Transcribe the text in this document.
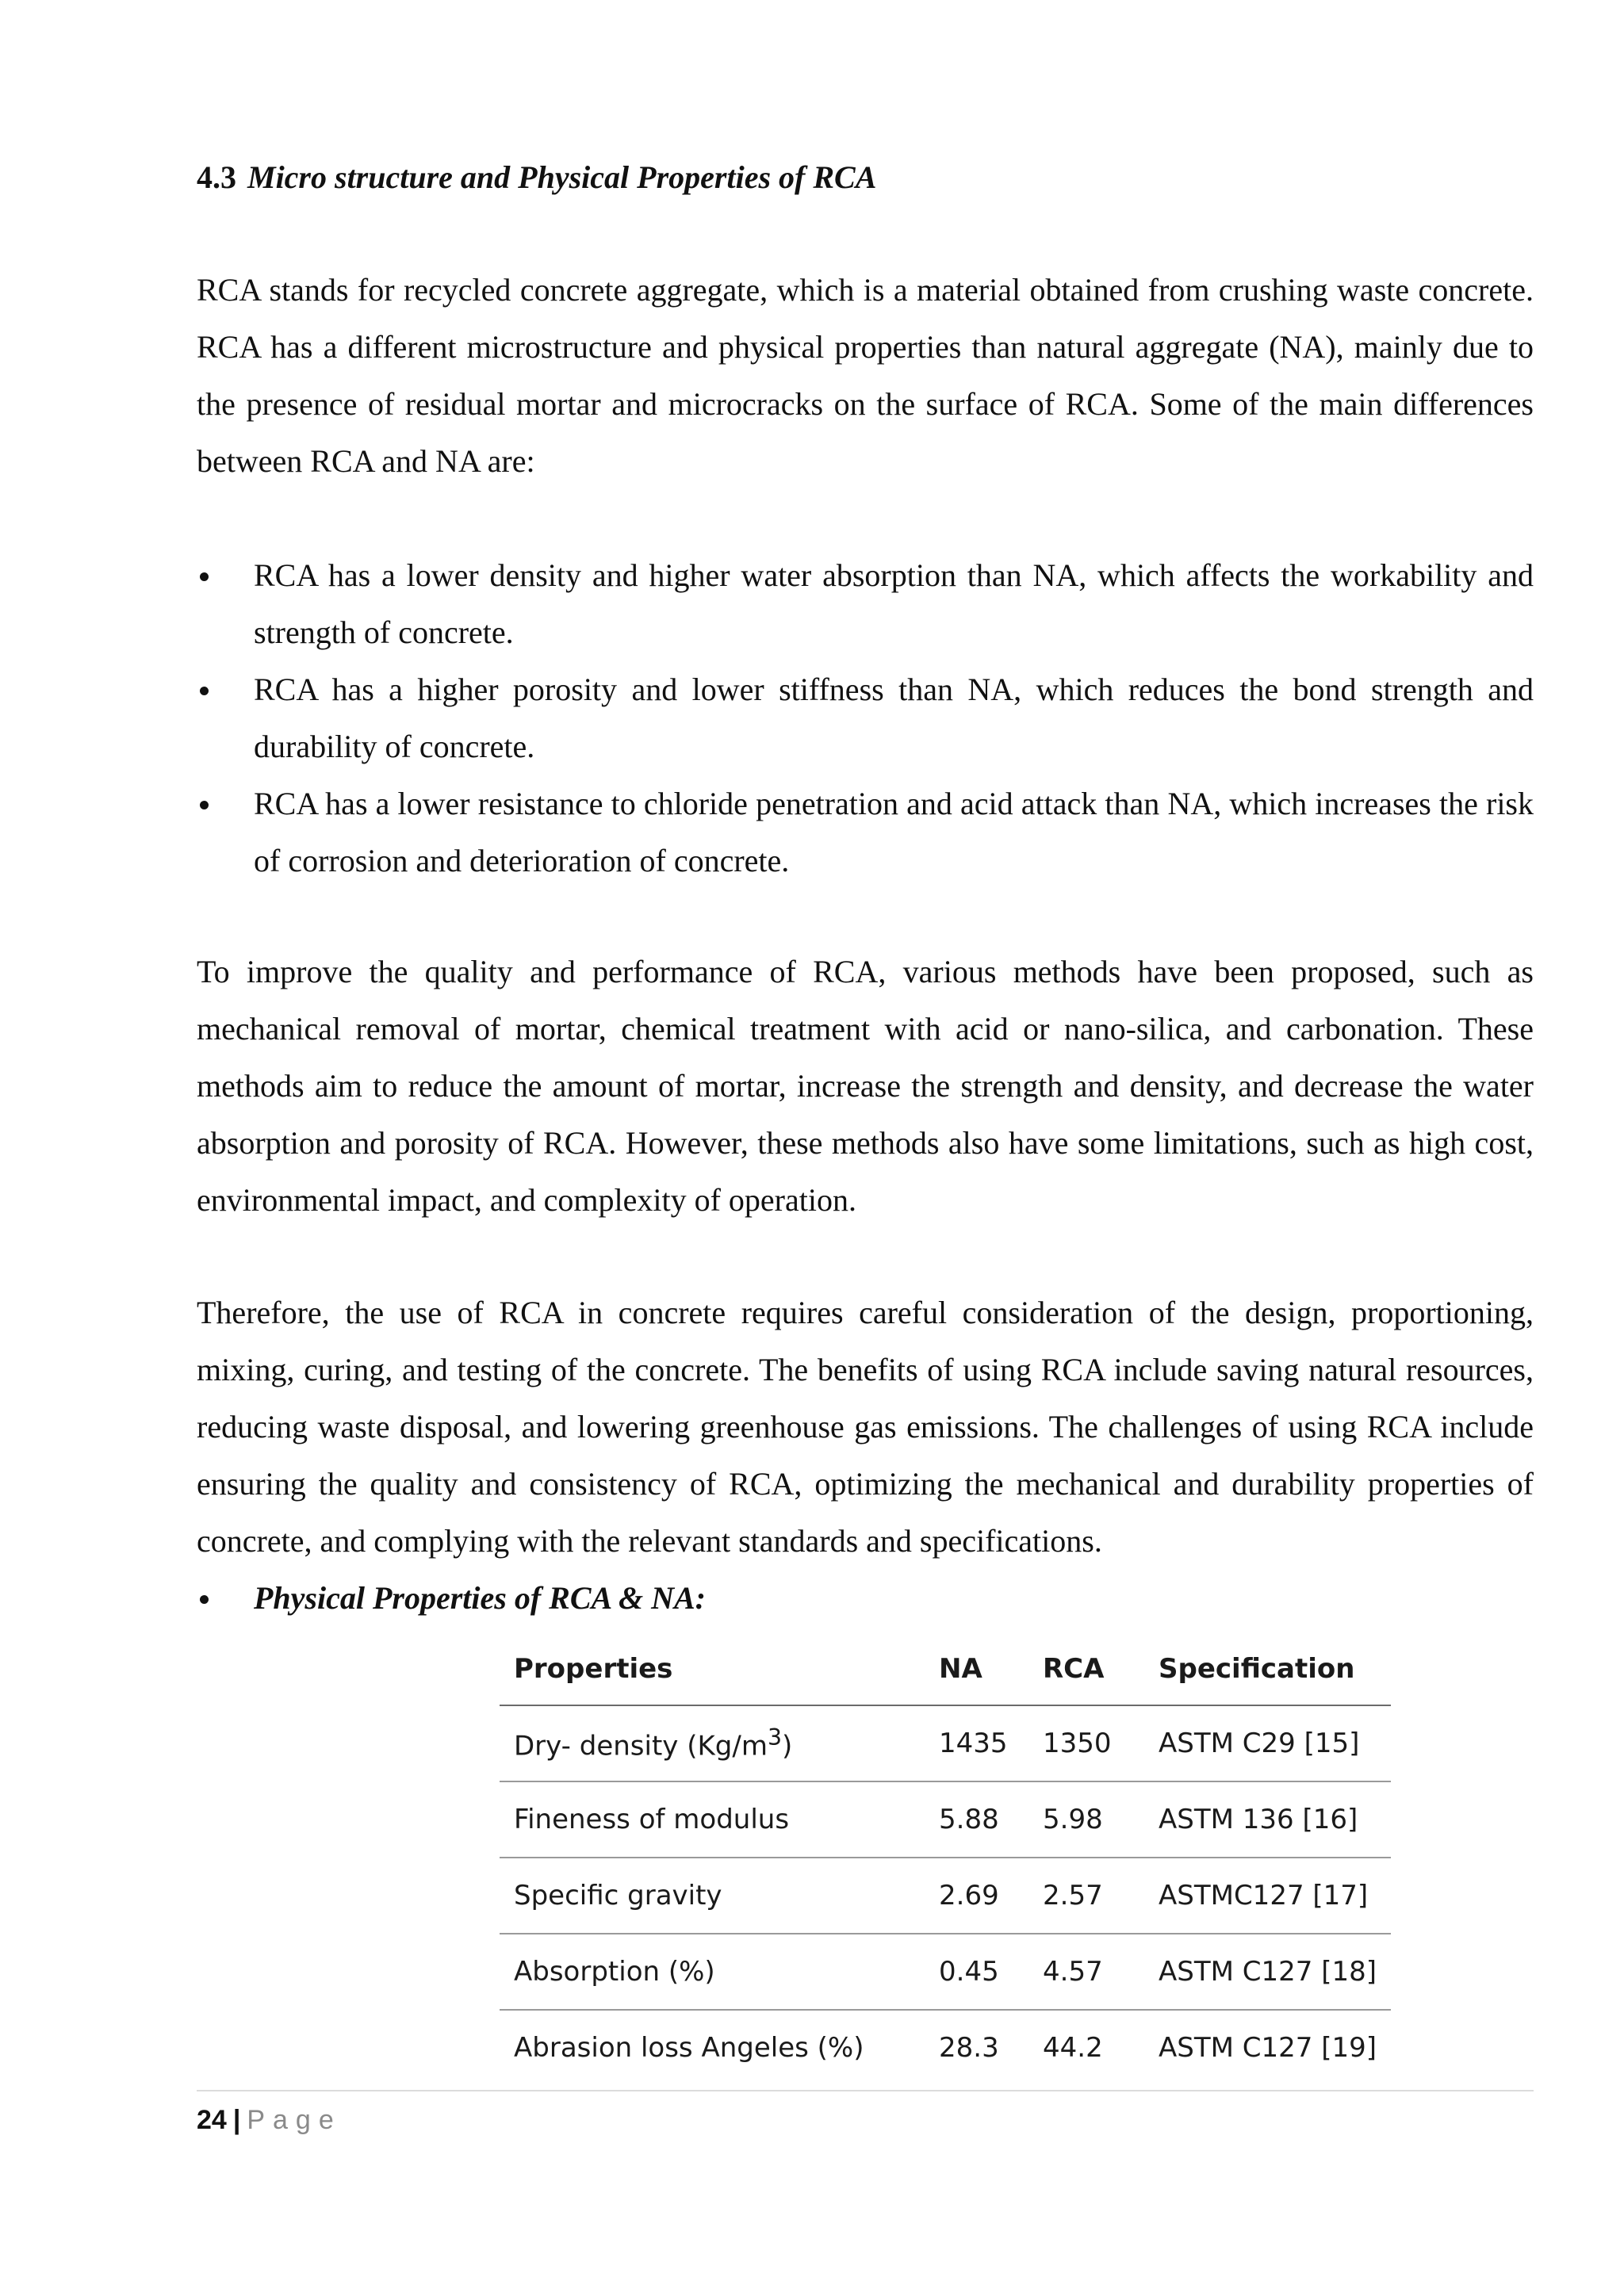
4.3 Micro structure and Physical Properties of RCA

RCA stands for recycled concrete aggregate, which is a material obtained from crushing waste concrete. RCA has a different microstructure and physical properties than natural aggregate (NA), mainly due to the presence of residual mortar and microcracks on the surface of RCA. Some of the main differences between RCA and NA are:

RCA has a lower density and higher water absorption than NA, which affects the workability and strength of concrete.
RCA has a higher porosity and lower stiffness than NA, which reduces the bond strength and durability of concrete.
RCA has a lower resistance to chloride penetration and acid attack than NA, which increases the risk of corrosion and deterioration of concrete.

To improve the quality and performance of RCA, various methods have been proposed, such as mechanical removal of mortar, chemical treatment with acid or nano-silica, and carbonation. These methods aim to reduce the amount of mortar, increase the strength and density, and decrease the water absorption and porosity of RCA. However, these methods also have some limitations, such as high cost, environmental impact, and complexity of operation.

Therefore, the use of RCA in concrete requires careful consideration of the design, proportioning, mixing, curing, and testing of the concrete. The benefits of using RCA include saving natural resources, reducing waste disposal, and lowering greenhouse gas emissions. The challenges of using RCA include ensuring the quality and consistency of RCA, optimizing the mechanical and durability properties of concrete, and complying with the relevant standards and specifications.

Physical Properties of RCA & NA:
Properties	NA	RCA	Specification
Dry- density $(Kg/m^3)$	1435	1350	ASTM C29 [15]
Fineness of modulus	5.88	5.98	ASTM 136 [16]
Specific gravity	2.69	2.57	ASTMC127 [17]
Absorption (%)	0.45	4.57	ASTM C127 [18]
Abrasion loss Angeles (%)	28.3	44.2	ASTM C127 [19]
24 | Page
